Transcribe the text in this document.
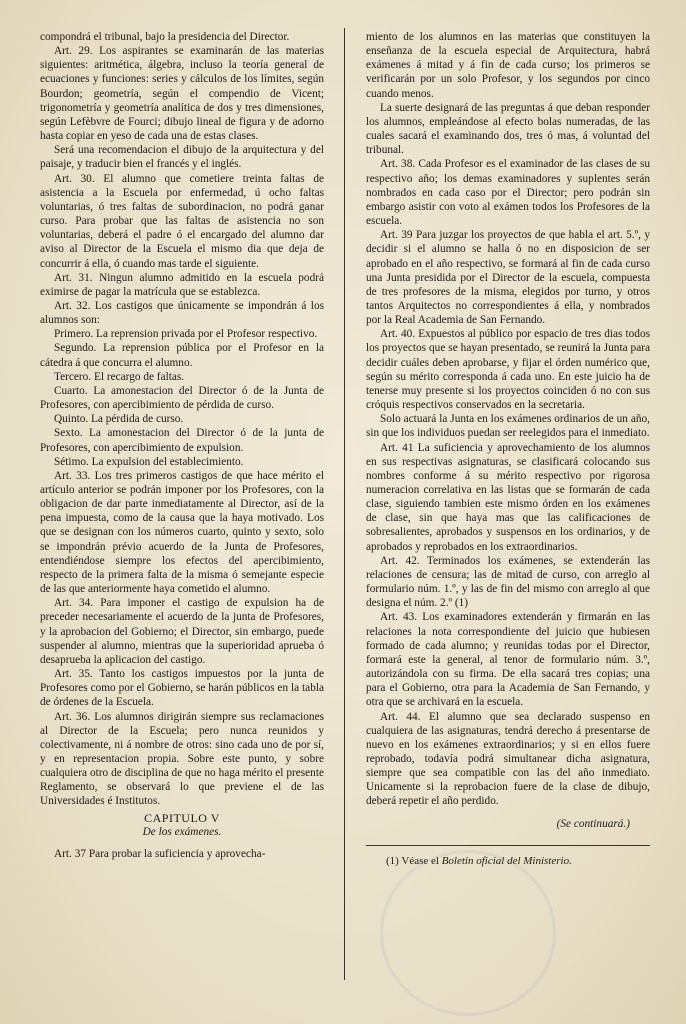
compondrá el tribunal, bajo la presidencia del Director.

Art. 29. Los aspirantes se examinarán de las materias siguientes: aritmética, álgebra, incluso la teoría general de ecuaciones y funciones: series y cálculos de los límites, según Bourdon; geometría, según el compendio de Vicent; trigonometría y geometría analítica de dos y tres dimensiones, según Lefèbvre de Fourci; dibujo lineal de figura y de adorno hasta copiar en yeso de cada una de estas clases.

Será una recomendacion el dibujo de la arquitectura y del paisaje, y traducir bien el francés y el inglés.

Art. 30. El alumno que cometiere treinta faltas de asistencia a la Escuela por enfermedad, ú ocho faltas voluntarias, ó tres faltas de subordinacion, no podrá ganar curso. Para probar que las faltas de asistencia no son voluntarias, deberá el padre ó el encargado del alumno dar aviso al Director de la Escuela el mismo dia que deja de concurrir á ella, ó cuando mas tarde el siguiente.

Art. 31. Ningun alumno admitido en la escuela podrá eximirse de pagar la matrícula que se establezca.

Art. 32. Los castigos que únicamente se impondrán á los alumnos son:

Primero. La reprension privada por el Profesor respectivo.

Segundo. La reprension pública por el Profesor en la cátedra á que concurra el alumno.

Tercero. El recargo de faltas.

Cuarto. La amonestacion del Director ó de la Junta de Profesores, con apercibimiento de pérdida de curso.

Quinto. La pérdida de curso.

Sexto. La amonestacion del Director ó de la junta de Profesores, con apercibimiento de expulsion.

Sétimo. La expulsion del establecimiento.

Art. 33. Los tres primeros castigos de que hace mérito el artículo anterior se podrán imponer por los Profesores, con la obligacion de dar parte inmediatamente al Director, así de la pena impuesta, como de la causa que la haya motivado. Los que se designan con los números cuarto, quinto y sexto, solo se impondrán prévio acuerdo de la Junta de Profesores, entendiéndose siempre los efectos del apercibimiento, respecto de la primera falta de la misma ó semejante especie de las que anteriormente haya cometido el alumno.

Art. 34. Para imponer el castigo de expulsion ha de preceder necesariamente el acuerdo de la junta de Profesores, y la aprobacion del Gobierno; el Director, sin embargo, puede suspender al alumno, mientras que la superioridad aprueba ó desaprueba la aplicacion del castigo.

Art. 35. Tanto los castigos impuestos por la junta de Profesores como por el Gobierno, se harán públicos en la tabla de órdenes de la Escuela.

Art. 36. Los alumnos dirigirán siempre sus reclamaciones al Director de la Escuela; pero nunca reunidos y colectivamente, ni á nombre de otros: sino cada uno de por sí, y en representacion propia. Sobre este punto, y sobre cualquiera otro de disciplina de que no haga mérito el presente Reglamento, se observará lo que previene el de las Universidades é Institutos.

CAPITULO V

De los exámenes.

Art. 37 Para probar la suficiencia y aprovecha-

miento de los alumnos en las materias que constituyen la enseñanza de la escuela especial de Arquitectura, habrá exámenes á mitad y á fin de cada curso; los primeros se verificarán por un solo Profesor, y los segundos por cinco cuando menos.

La suerte designará de las preguntas á que deban responder los alumnos, empleándose al efecto bolas numeradas, de las cuales sacará el examinando dos, tres ó mas, á voluntad del tribunal.

Art. 38. Cada Profesor es el examinador de las clases de su respectivo año; los demas examinadores y suplentes serán nombrados en cada caso por el Director; pero podrán sin embargo asistir con voto al exámen todos los Profesores de la escuela.

Art. 39 Para juzgar los proyectos de que habla el art. 5.º, y decidir si el alumno se halla ó no en disposicion de ser aprobado en el año respectivo, se formará al fin de cada curso una Junta presidida por el Director de la escuela, compuesta de tres profesores de la misma, elegidos por turno, y otros tantos Arquitectos no correspondientes á ella, y nombrados por la Real Academia de San Fernando.

Art. 40. Expuestos al público por espacio de tres dias todos los proyectos que se hayan presentado, se reunirá la Junta para decidir cuáles deben aprobarse, y fijar el órden numérico que, según su mérito corresponda á cada uno. En este juicio ha de tenerse muy presente si los proyectos coinciden ó no con sus cróquis respectivos conservados en la secretaria.

Solo actuará la Junta en los exámenes ordinarios de un año, sin que los individuos puedan ser reelegidos para el inmediato.

Art. 41 La suficiencia y aprovechamiento de los alumnos en sus respectivas asignaturas, se clasificará colocando sus nombres conforme á su mérito respectivo por rigorosa numeracion correlativa en las listas que se formarán de cada clase, siguiendo tambien este mismo órden en los exámenes de clase, sin que haya mas que las calificaciones de sobresalientes, aprobados y suspensos en los ordinarios, y de aprobados y reprobados en los extraordinarios.

Art. 42. Terminados los exámenes, se extenderán las relaciones de censura; las de mitad de curso, con arreglo al formulario núm. 1.º, y las de fin del mismo con arreglo al que designa el núm. 2.º (1)

Art. 43. Los examinadores extenderán y firmarán en las relaciones la nota correspondiente del juicio que hubiesen formado de cada alumno; y reunidas todas por el Director, formará este la general, al tenor de formulario núm. 3.º, autorizándola con su firma. De ella sacará tres copias; una para el Gobierno, otra para la Academia de San Fernando, y otra que se archivará en la escuela.

Art. 44. El alumno que sea declarado suspenso en cualquiera de las asignaturas, tendrá derecho á presentarse de nuevo en los exámenes extraordinarios; y si en ellos fuere reprobado, todavía podrá simultanear dicha asignatura, siempre que sea compatible con las del año inmediato. Unicamente si la reprobacion fuere de la clase de dibujo, deberá repetir el año perdido.

(Se continuará.)

(1) Véase el Boletin oficial del Ministerio.
